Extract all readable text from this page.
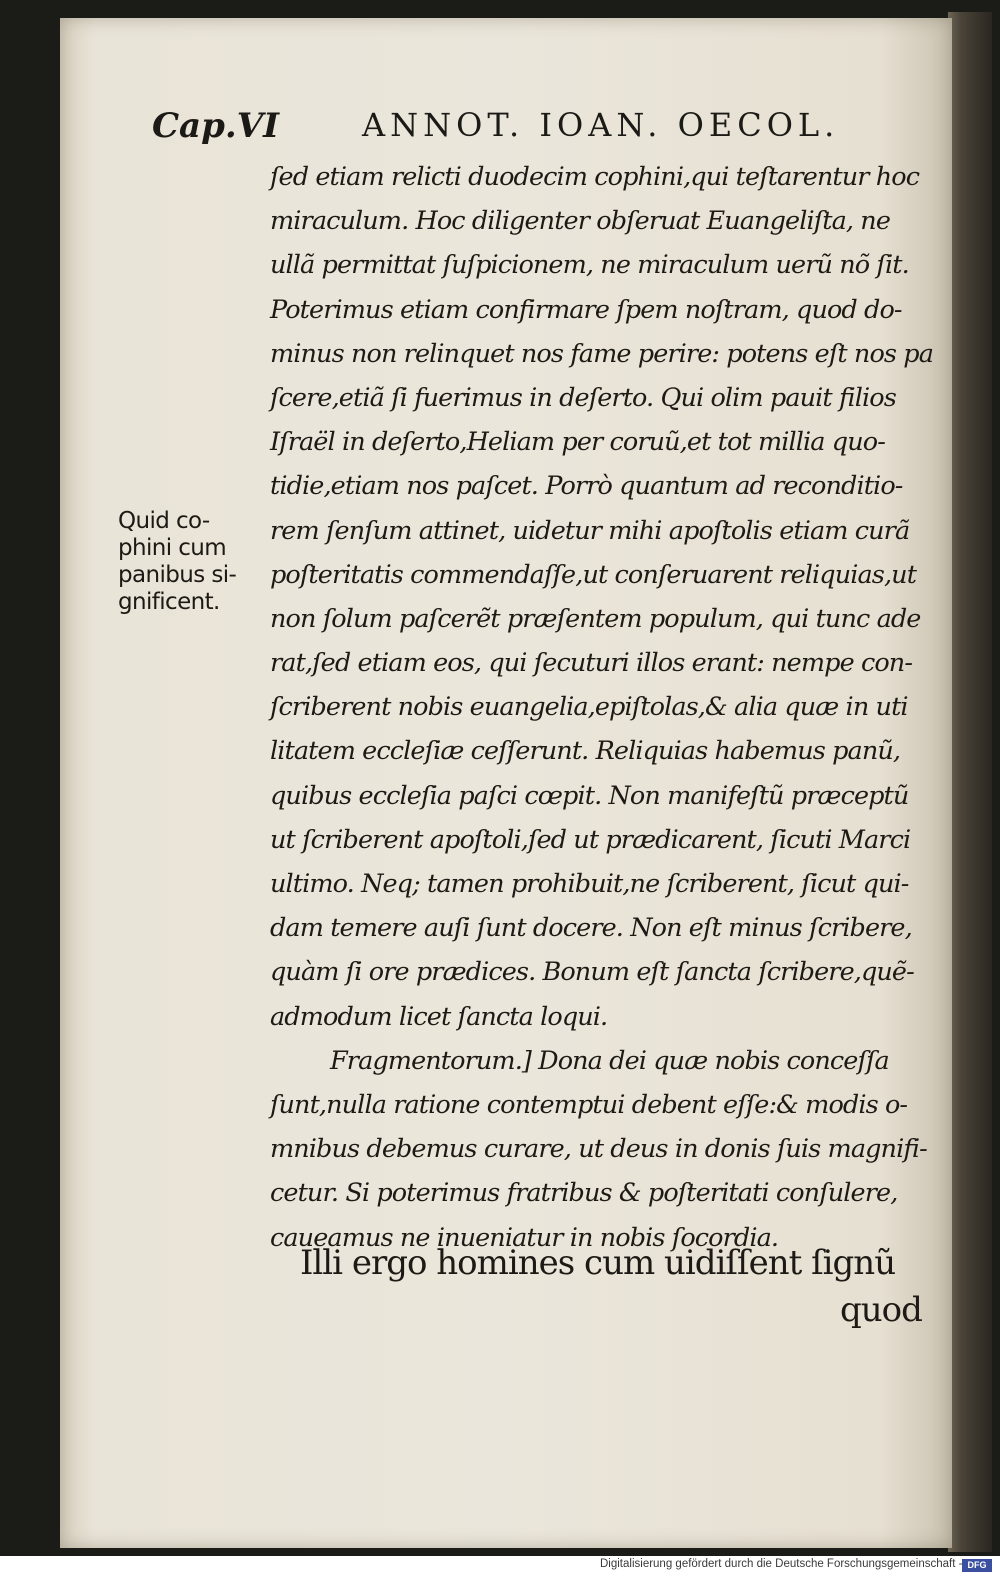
Cap.VI	ANNOT. IOAN. OECOL.
Quid co-
phini cum
panibus si-
gnificent.
ſed etiam relicti duodecim cophini,qui teſtarentur hoc
miraculum. Hoc diligenter obſeruat Euangeliſta, ne
ullã permittat ſuſpicionem, ne miraculum uerũ nõ ſit.
Poterimus etiam confirmare ſpem noſtram, quod do-
minus non relinquet nos fame perire: potens eſt nos pa
ſcere,etiã ſi fuerimus in deſerto. Qui olim pauit filios
Iſraël in deſerto,Heliam per coruũ,et tot millia quo-
tidie,etiam nos paſcet. Porrò quantum ad reconditio-
rem ſenſum attinet, uidetur mihi apoſtolis etiam curã
poſteritatis commendaſſe,ut conſeruarent reliquias,ut
non ſolum paſcerẽt præſentem populum, qui tunc ade
rat,ſed etiam eos, qui ſecuturi illos erant: nempe con-
ſcriberent nobis euangelia,epiſtolas,& alia quæ in uti
litatem eccleſiæ ceſſerunt. Reliquias habemus panũ,
quibus eccleſia paſci cœpit. Non manifeſtũ præceptũ
ut ſcriberent apoſtoli,ſed ut prædicarent, ſicuti Marci
ultimo. Neq; tamen prohibuit,ne ſcriberent, ſicut qui-
dam temere auſi ſunt docere. Non eſt minus ſcribere,
quàm ſi ore prædices. Bonum eſt ſancta ſcribere,quẽ-
admodum licet ſancta loqui.
Fragmentorum.] Dona dei quæ nobis conceſſa
ſunt,nulla ratione contemptui debent eſſe:& modis o-
mnibus debemus curare, ut deus in donis ſuis magnifi-
cetur. Si poterimus fratribus & poſteritati conſulere,
caueamus ne inueniatur in nobis ſocordia.
Illi ergo homines cum uidiſſent ſignũ
quod
Digitalisierung gefördert durch die Deutsche Forschungsgemeinschaft - DFG
